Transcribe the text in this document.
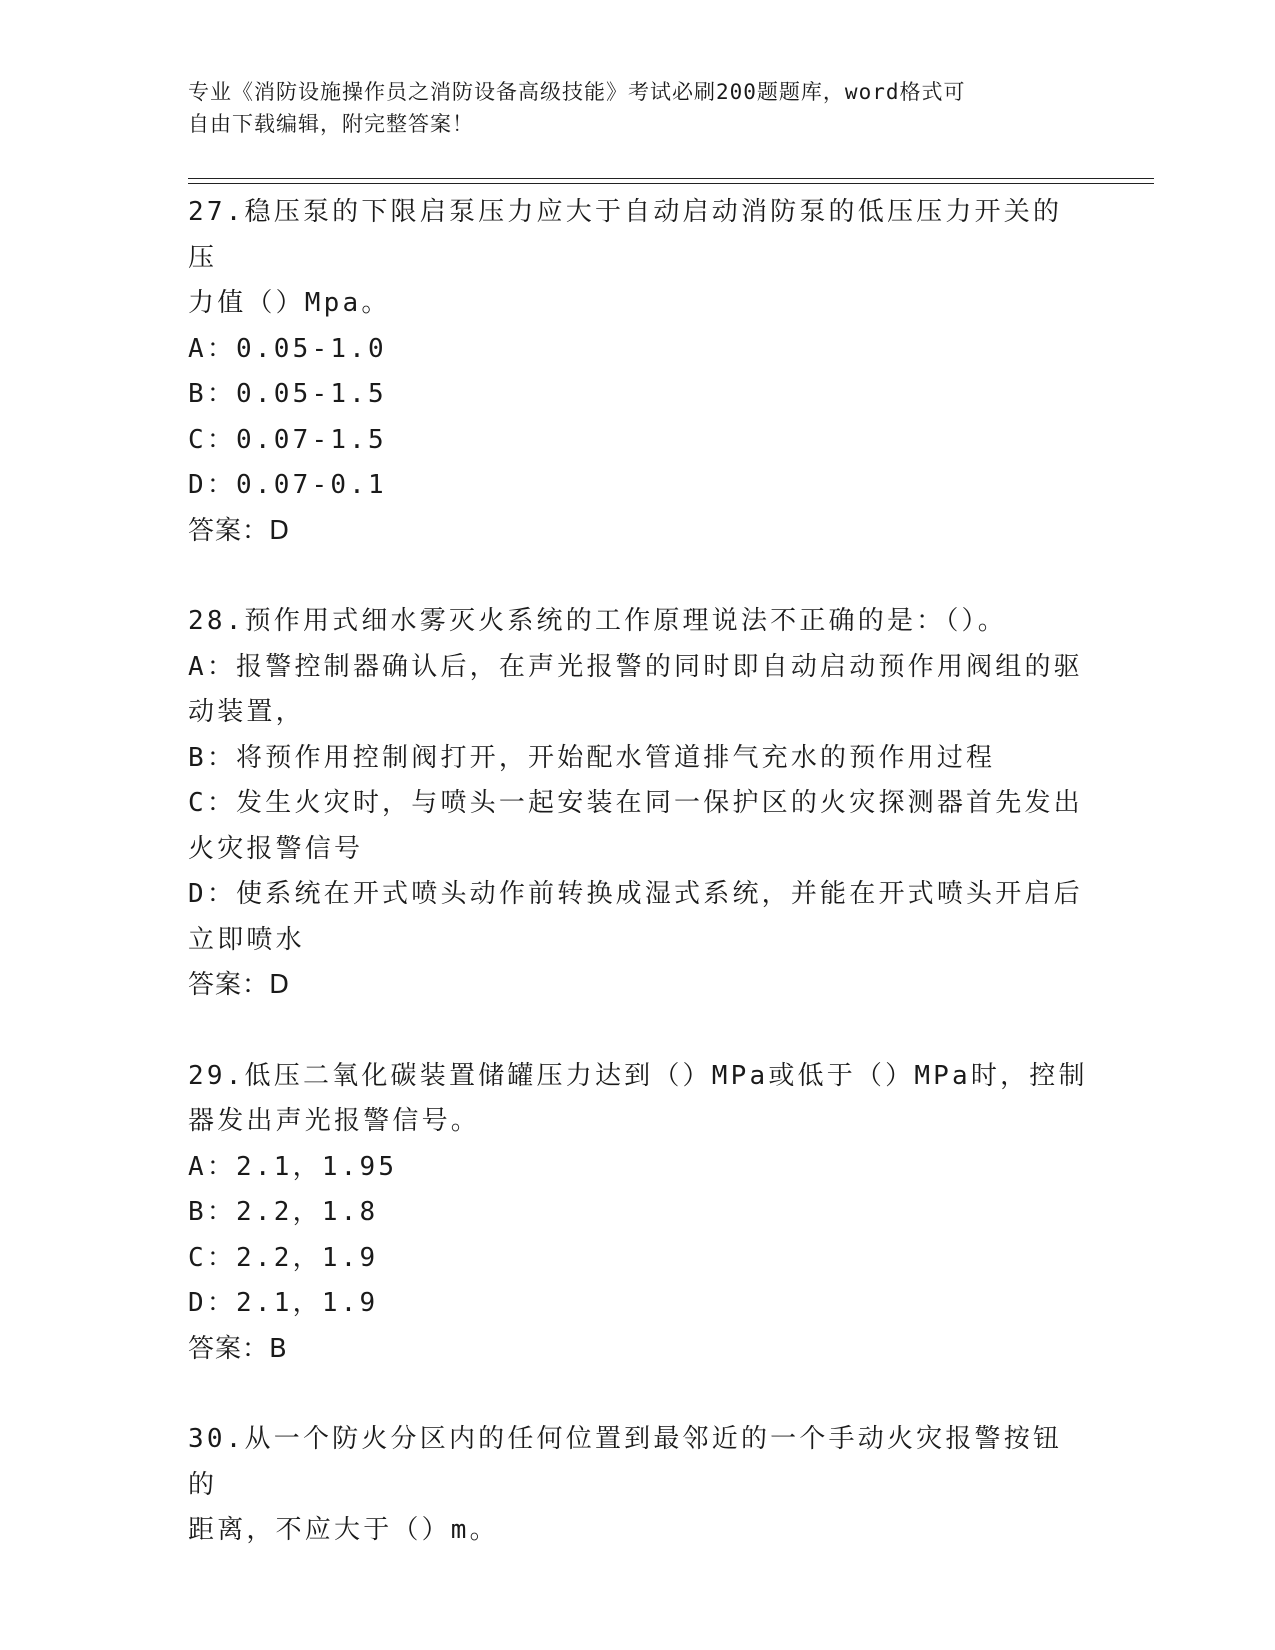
专业《消防设施操作员之消防设备高级技能》考试必刷200题题库，word格式可
自由下载编辑，附完整答案！

27.稳压泵的下限启泵压力应大于自动启动消防泵的低压压力开关的压

力值（）Mpa。

A：0.05-1.0

B：0.05-1.5

C：0.07-1.5

D：0.07-0.1

答案：D

28.预作用式细水雾灭火系统的工作原理说法不正确的是：（）。

A：报警控制器确认后，在声光报警的同时即自动启动预作用阀组的驱

动装置，

B：将预作用控制阀打开，开始配水管道排气充水的预作用过程

C：发生火灾时，与喷头一起安装在同一保护区的火灾探测器首先发出

火灾报警信号

D：使系统在开式喷头动作前转换成湿式系统，并能在开式喷头开启后

立即喷水

答案：D

29.低压二氧化碳装置储罐压力达到（）MPa或低于（）MPa时，控制

器发出声光报警信号。

A：2.1，1.95

B：2.2，1.8

C：2.2，1.9

D：2.1，1.9

答案：B

30.从一个防火分区内的任何位置到最邻近的一个手动火灾报警按钮的

距离，不应大于（）m。
